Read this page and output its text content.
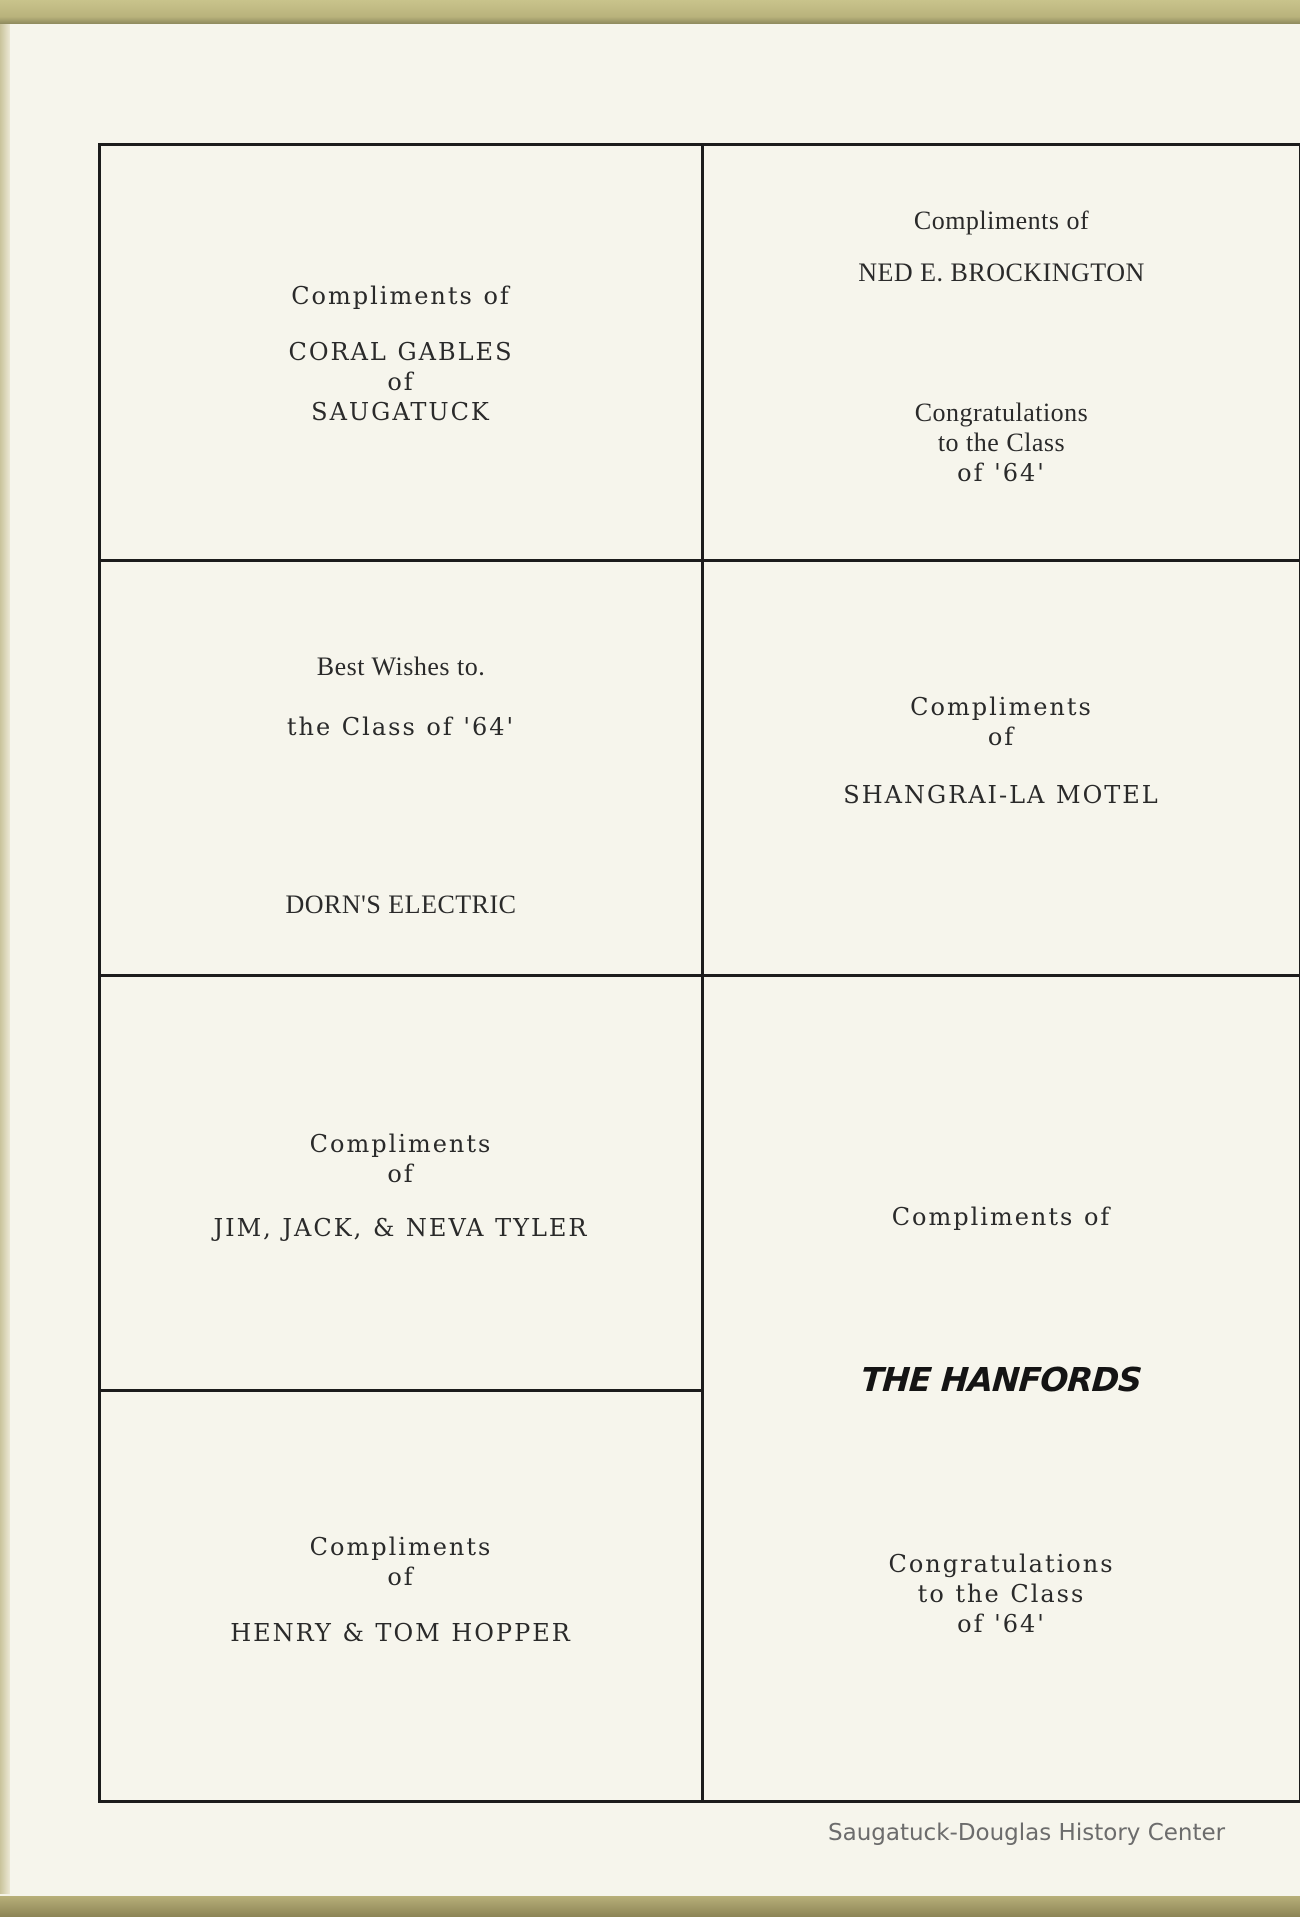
Compliments of
CORAL GABLES
of
SAUGATUCK
Compliments of
NED E. BROCKINGTON
Congratulations
to the Class
of '64'
Best Wishes to.
the Class of '64'
DORN'S ELECTRIC
Compliments
of
SHANGRAI-LA MOTEL
Compliments
of
JIM, JACK, & NEVA TYLER
Compliments
of
HENRY & TOM HOPPER
Compliments of
THE HANFORDS
Congratulations
to the Class
of '64'
Saugatuck-Douglas History Center
